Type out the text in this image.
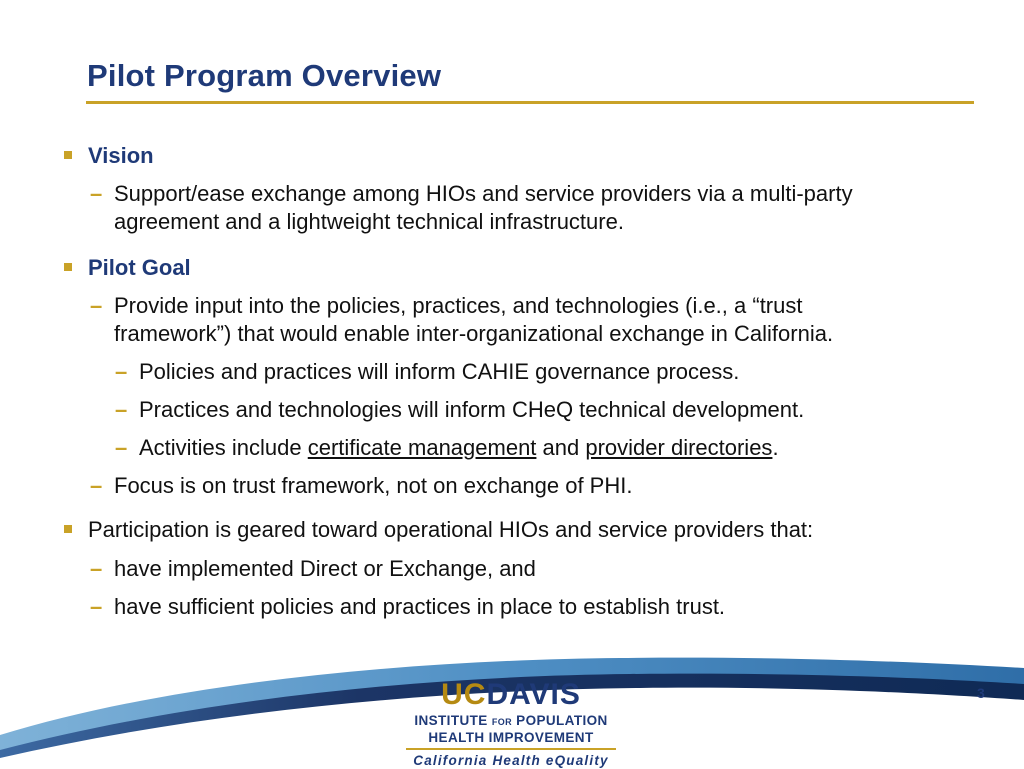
Pilot Program Overview
Vision
– Support/ease exchange among HIOs and service providers via a multi-party
agreement and a lightweight technical infrastructure.
Pilot Goal
– Provide input into the policies, practices, and technologies (i.e., a “trust
framework”) that would enable inter-organizational exchange in California.
– Policies and practices will inform CAHIE governance process.
– Practices and technologies will inform CHeQ technical development.
– Activities include certificate management and provider directories.
– Focus is on trust framework, not on exchange of PHI.
Participation is geared toward operational HIOs and service providers that:
– have implemented Direct or Exchange, and
– have sufficient policies and practices in place to establish trust.
UCDAVIS
INSTITUTE FOR POPULATION
HEALTH IMPROVEMENT
California Health eQuality
3
